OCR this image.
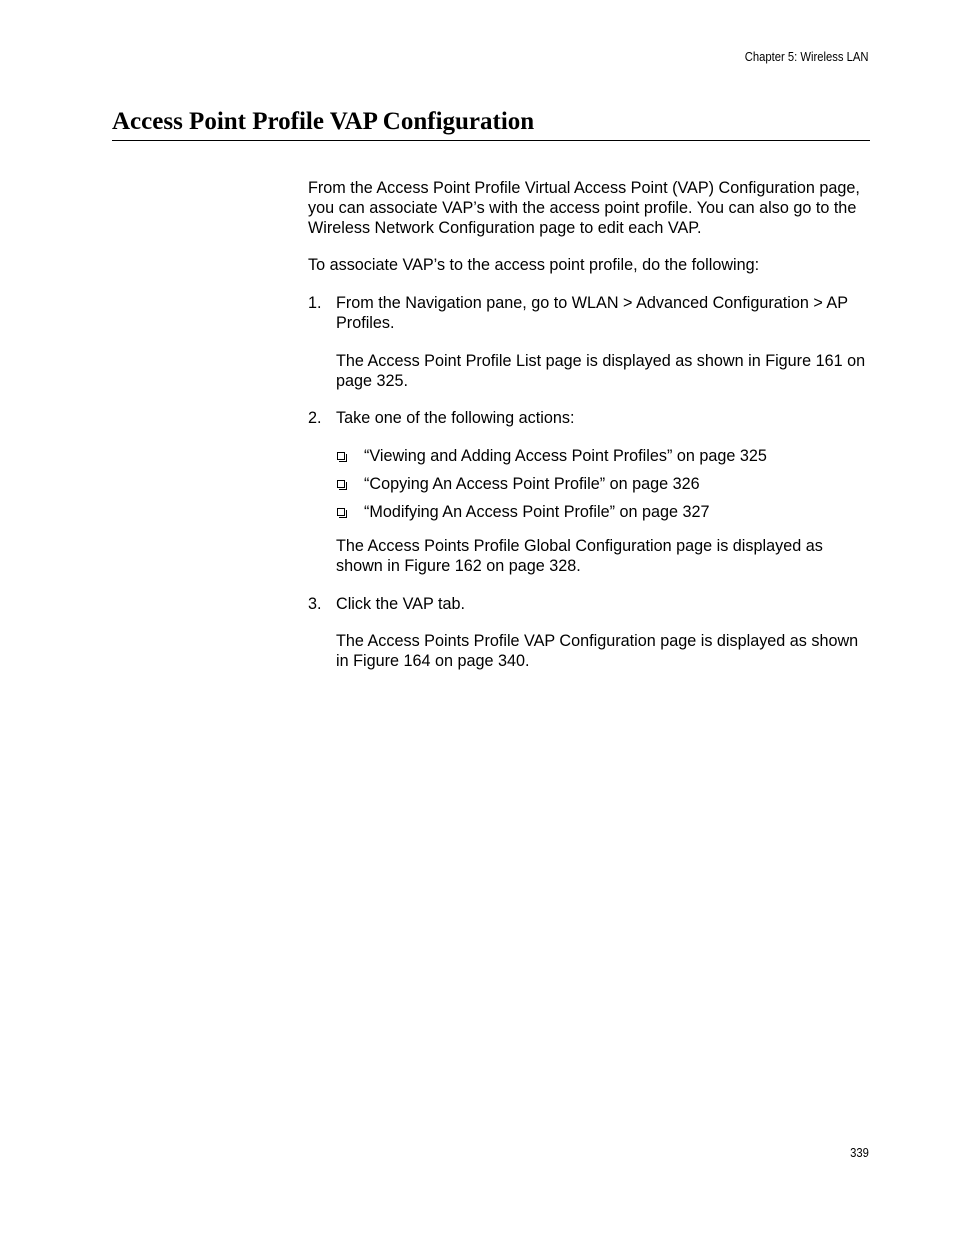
Chapter 5: Wireless LAN
Access Point Profile VAP Configuration

From the Access Point Profile Virtual Access Point (VAP) Configuration page, you can associate VAP’s with the access point profile. You can also go to the Wireless Network Configuration page to edit each VAP.

To associate VAP’s to the access point profile, do the following:

1. From the Navigation pane, go to WLAN > Advanced Configuration > AP Profiles.

The Access Point Profile List page is displayed as shown in Figure 161 on page 325.

2. Take one of the following actions:

“Viewing and Adding Access Point Profiles” on page 325
“Copying An Access Point Profile” on page 326
“Modifying An Access Point Profile” on page 327

The Access Points Profile Global Configuration page is displayed as shown in Figure 162 on page 328.

3. Click the VAP tab.

The Access Points Profile VAP Configuration page is displayed as shown in Figure 164 on page 340.

339
